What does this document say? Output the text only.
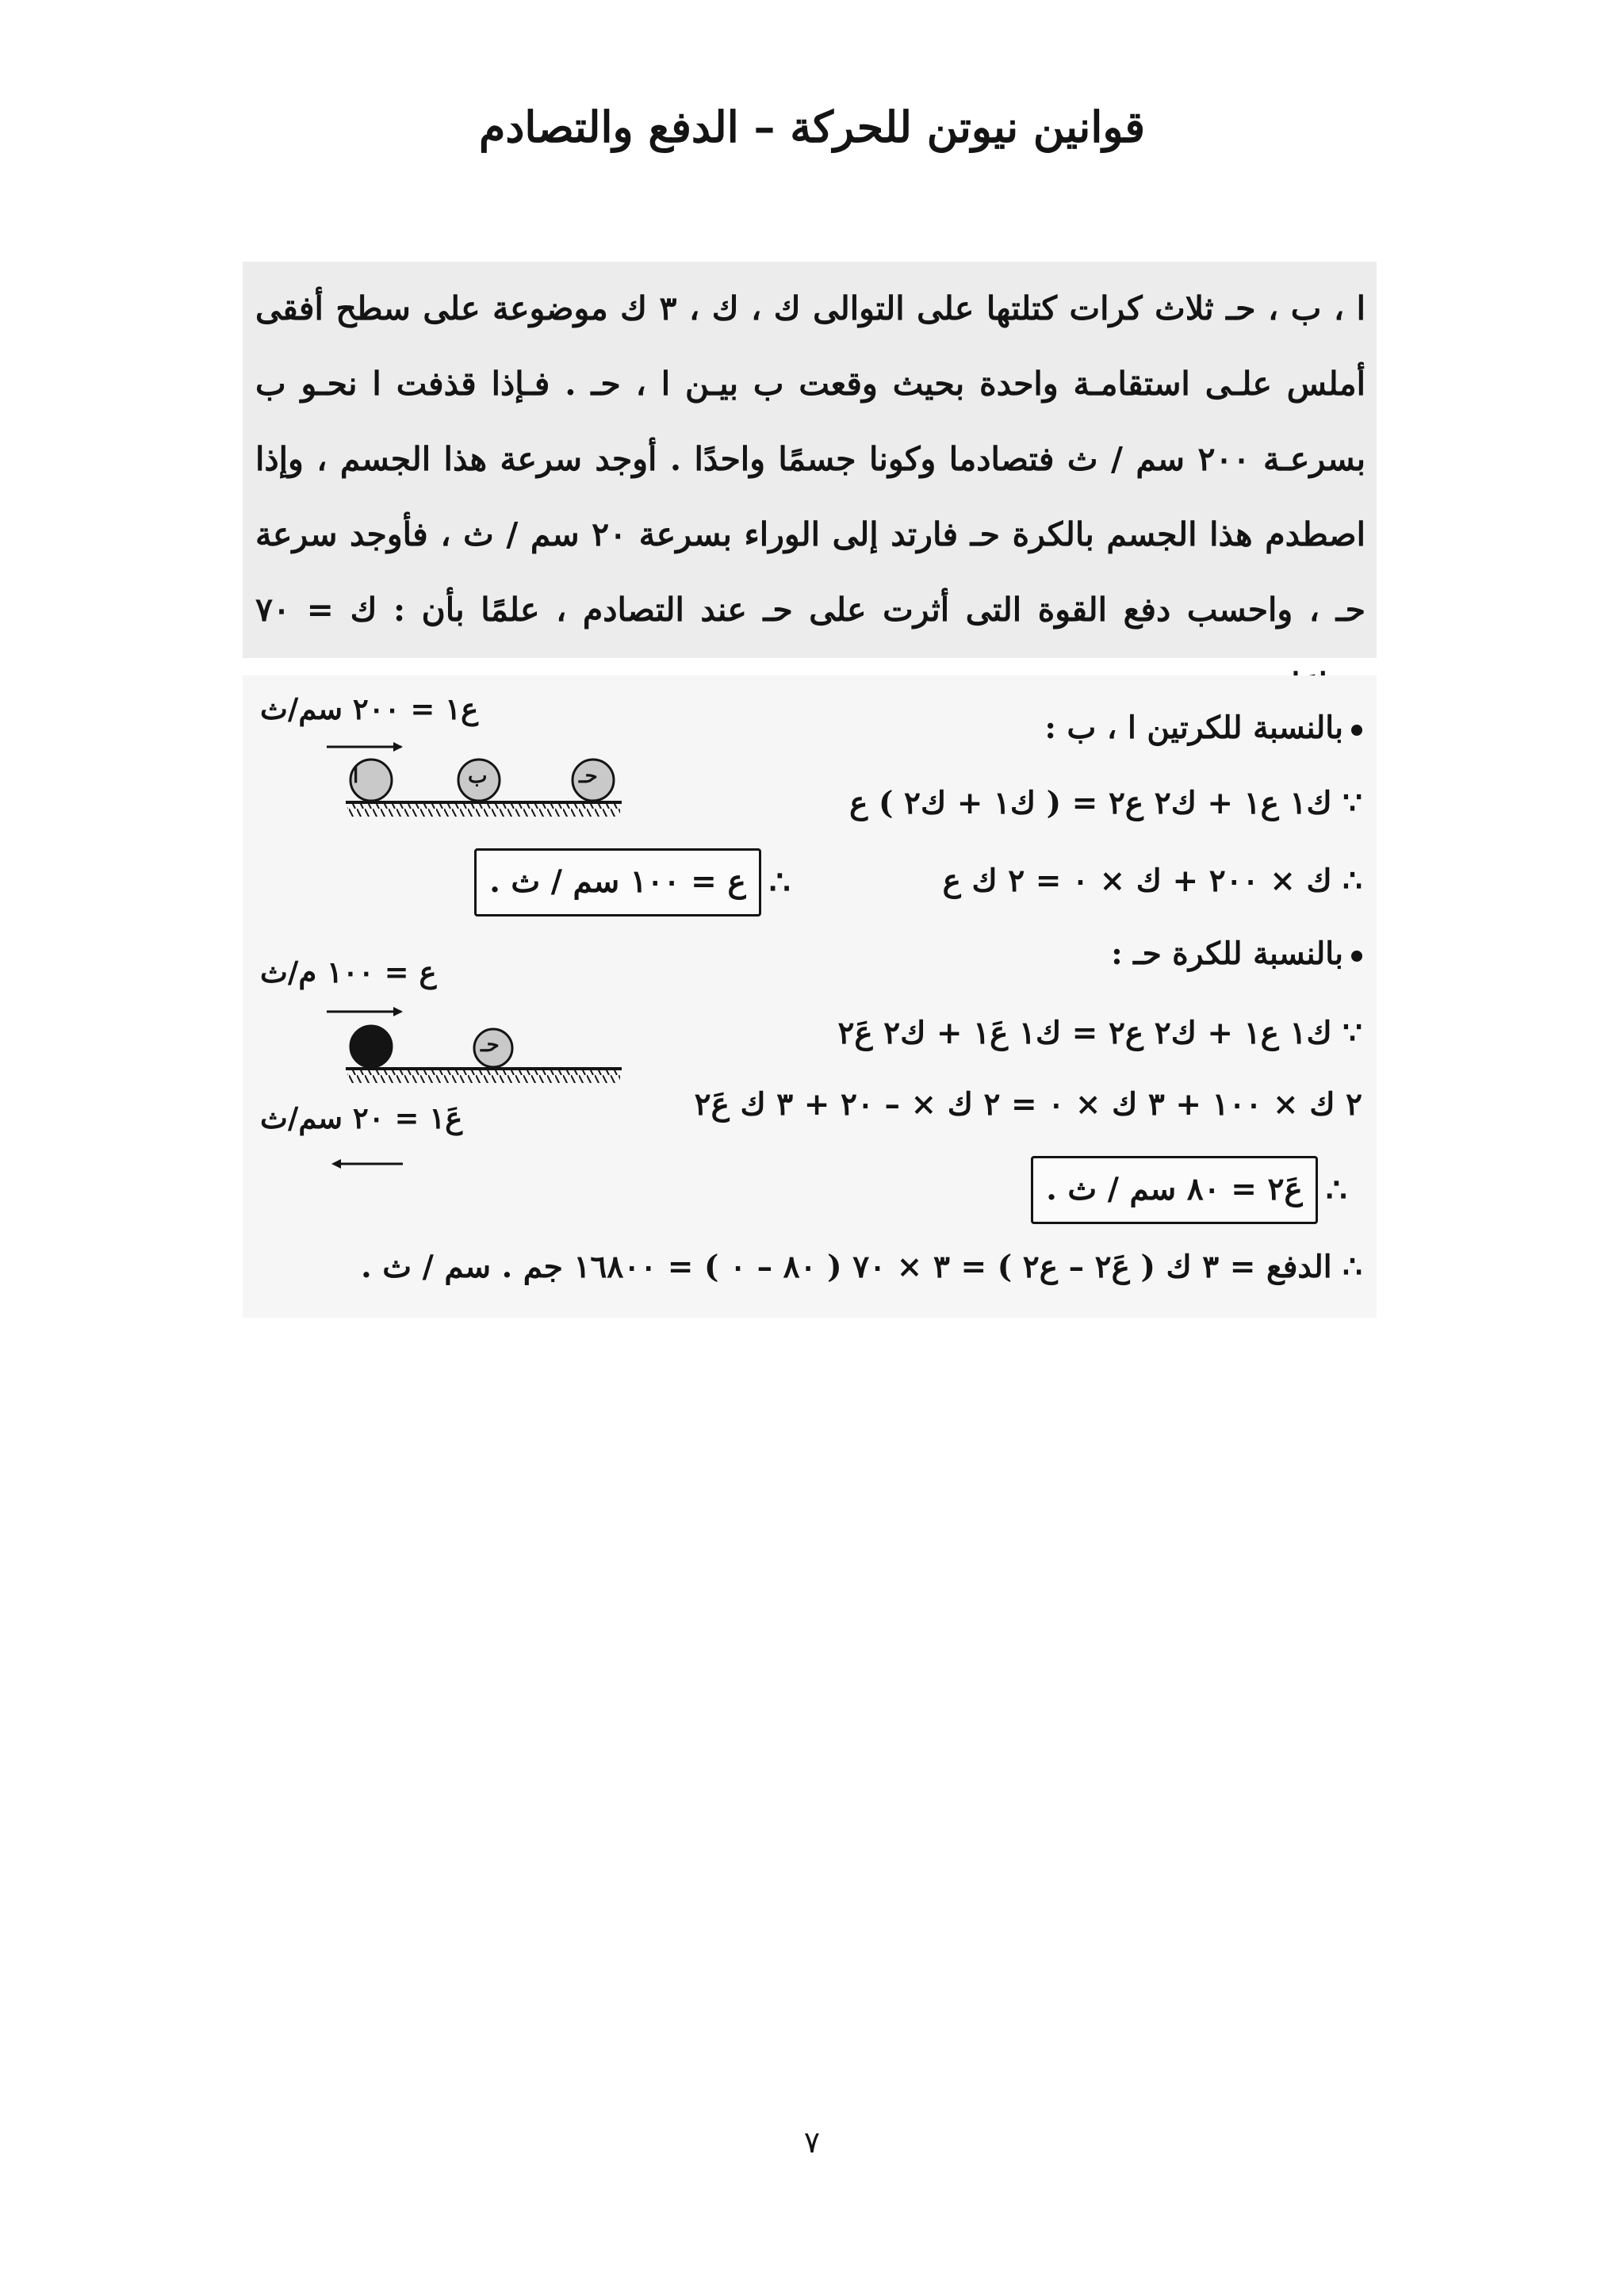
قوانين نيوتن للحركة – الدفع والتصادم
ا ، ب ، حـ ثلاث كرات كتلتها على التوالى ك ، ك ، ٣ ك موضوعة على سطح أفقى أملس علـى استقامـة واحدة بحيث وقعت ب بيـن ا ، حـ . فـإذا قذفت ا نحـو ب بسرعـة ٢٠٠ سم / ث فتصادما وكونا جسمًا واحدًا . أوجد سرعة هذا الجسم ، وإذا اصطدم هذا الجسم بالكرة حـ فارتد إلى الوراء بسرعة ٢٠ سم / ث ، فأوجد سرعة حـ ، واحسب دفع القوة التى أثرت على حـ عند التصادم ، علمًا بأن : ك = ٧٠
ع١ = ٢٠٠ سم/ث
ا	ب	حـ
ع = ١٠٠ م/ث
حـ
ع١َ = ٢٠ سم/ث
بالنسبة للكرتين ا ، ب :
∵ ك١ ع١ + ك٢ ع٢ = ( ك١ + ك٢ ) ع
∴ ك × ٢٠٠ + ك × ٠ = ٢ ك ع
∴
ع = ١٠٠ سم / ث .
بالنسبة للكرة حـ :
∵ ك١ ع١ + ك٢ ع٢ = ك١ ع١َ + ك٢ ع٢َ
٢ ك × ١٠٠ + ٣ ك × ٠ = ٢ ك × – ٢٠ + ٣ ك ع٢َ
∴
ع٢َ = ٨٠ سم / ث .
∴ الدفع = ٣ ك ( ع٢َ – ع٢ ) = ٣ × ٧٠ ( ٨٠ – ٠ ) = ١٦٨٠٠ جم . سم / ث .
٧
